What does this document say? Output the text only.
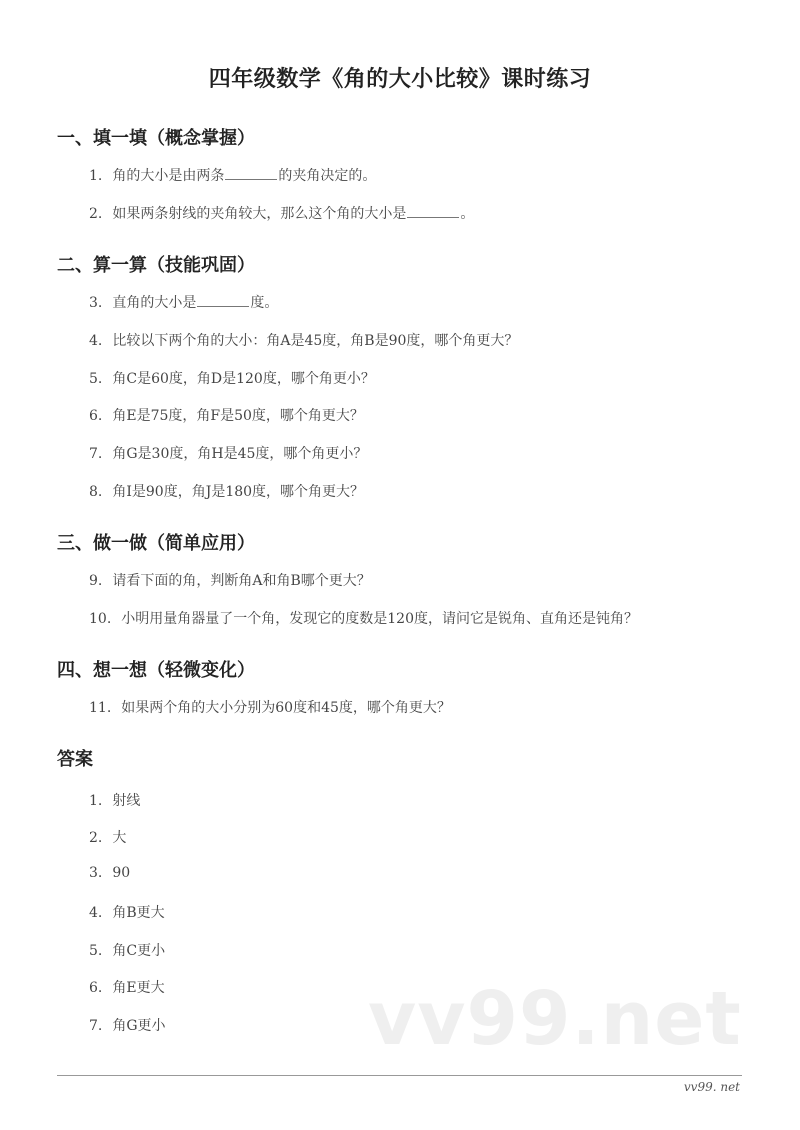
四年级数学《角的大小比较》课时练习
一、填一填（概念掌握）
1. 角的大小是由两条	的夹角决定的。
2. 如果两条射线的夹角较大，那么这个角的大小是	。
二、算一算（技能巩固）
3. 直角的大小是	度。
4. 比较以下两个角的大小：角A是45度，角B是90度，哪个角更大？
5. 角C是60度，角D是120度，哪个角更小？
6. 角E是75度，角F是50度，哪个角更大？
7. 角G是30度，角H是45度，哪个角更小？
8. 角I是90度，角J是180度，哪个角更大？
三、做一做（简单应用）
9. 请看下面的角，判断角A和角B哪个更大？
10. 小明用量角器量了一个角，发现它的度数是120度，请问它是锐角、直角还是钝角？
四、想一想（轻微变化）
11. 如果两个角的大小分别为60度和45度，哪个角更大？
答案
1. 射线
2. 大
3. 90
4. 角B更大
5. 角C更小
6. 角E更大
7. 角G更小	vv99.net
vv99. net
